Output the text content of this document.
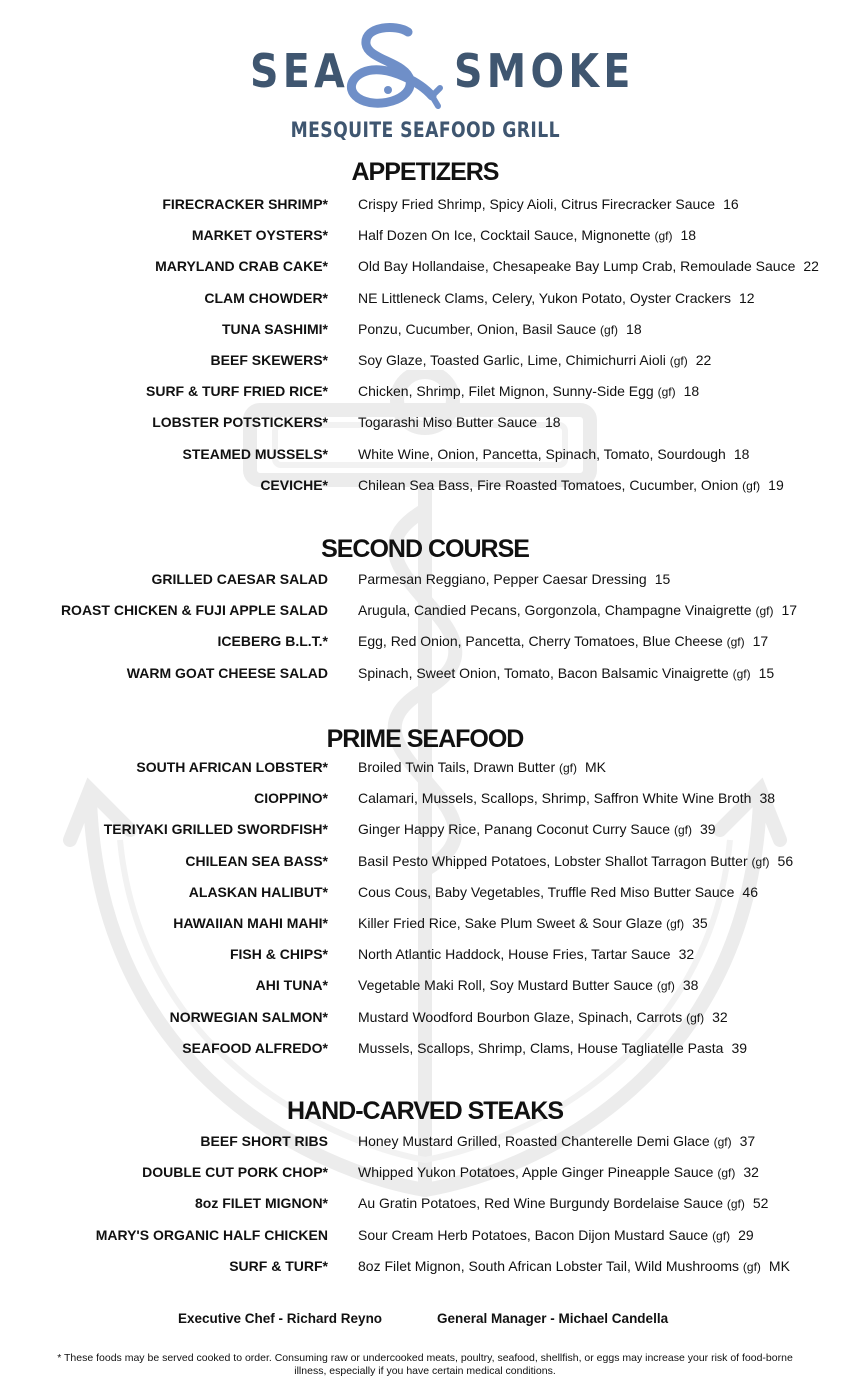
SEA SMOKE
MESQUITE SEAFOOD GRILL
APPETIZERS
FIRECRACKER SHRIMP* Crispy Fried Shrimp, Spicy Aioli, Citrus Firecracker Sauce 16
MARKET OYSTERS* Half Dozen On Ice, Cocktail Sauce, Mignonette (gf) 18
MARYLAND CRAB CAKE* Old Bay Hollandaise, Chesapeake Bay Lump Crab, Remoulade Sauce 22
CLAM CHOWDER* NE Littleneck Clams, Celery, Yukon Potato, Oyster Crackers 12
TUNA SASHIMI* Ponzu, Cucumber, Onion, Basil Sauce (gf) 18
BEEF SKEWERS* Soy Glaze, Toasted Garlic, Lime, Chimichurri Aioli (gf) 22
SURF & TURF FRIED RICE* Chicken, Shrimp, Filet Mignon, Sunny-Side Egg (gf) 18
LOBSTER POTSTICKERS* Togarashi Miso Butter Sauce 18
STEAMED MUSSELS* White Wine, Onion, Pancetta, Spinach, Tomato, Sourdough 18
CEVICHE* Chilean Sea Bass, Fire Roasted Tomatoes, Cucumber, Onion (gf) 19
SECOND COURSE
GRILLED CAESAR SALAD Parmesan Reggiano, Pepper Caesar Dressing 15
ROAST CHICKEN & FUJI APPLE SALAD Arugula, Candied Pecans, Gorgonzola, Champagne Vinaigrette (gf) 17
ICEBERG B.L.T.* Egg, Red Onion, Pancetta, Cherry Tomatoes, Blue Cheese (gf) 17
WARM GOAT CHEESE SALAD Spinach, Sweet Onion, Tomato, Bacon Balsamic Vinaigrette (gf) 15
PRIME SEAFOOD
SOUTH AFRICAN LOBSTER* Broiled Twin Tails, Drawn Butter (gf) MK
CIOPPINO* Calamari, Mussels, Scallops, Shrimp, Saffron White Wine Broth 38
TERIYAKI GRILLED SWORDFISH* Ginger Happy Rice, Panang Coconut Curry Sauce (gf) 39
CHILEAN SEA BASS* Basil Pesto Whipped Potatoes, Lobster Shallot Tarragon Butter (gf) 56
ALASKAN HALIBUT* Cous Cous, Baby Vegetables, Truffle Red Miso Butter Sauce 46
HAWAIIAN MAHI MAHI* Killer Fried Rice, Sake Plum Sweet & Sour Glaze (gf) 35
FISH & CHIPS* North Atlantic Haddock, House Fries, Tartar Sauce 32
AHI TUNA* Vegetable Maki Roll, Soy Mustard Butter Sauce (gf) 38
NORWEGIAN SALMON* Mustard Woodford Bourbon Glaze, Spinach, Carrots (gf) 32
SEAFOOD ALFREDO* Mussels, Scallops, Shrimp, Clams, House Tagliatelle Pasta 39
HAND-CARVED STEAKS
BEEF SHORT RIBS Honey Mustard Grilled, Roasted Chanterelle Demi Glace (gf) 37
DOUBLE CUT PORK CHOP* Whipped Yukon Potatoes, Apple Ginger Pineapple Sauce (gf) 32
8oz FILET MIGNON* Au Gratin Potatoes, Red Wine Burgundy Bordelaise Sauce (gf) 52
MARY'S ORGANIC HALF CHICKEN Sour Cream Herb Potatoes, Bacon Dijon Mustard Sauce (gf) 29
SURF & TURF* 8oz Filet Mignon, South African Lobster Tail, Wild Mushrooms (gf) MK
Executive Chef - Richard Reyno	General Manager - Michael Candella
* These foods may be served cooked to order. Consuming raw or undercooked meats, poultry, seafood, shellfish, or eggs may increase your risk of food-borne illness, especially if you have certain medical conditions.
